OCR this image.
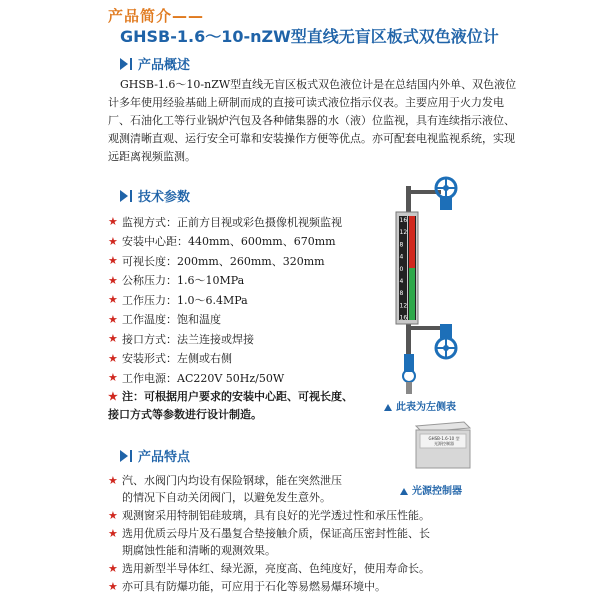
产品简介——
GHSB-1.6～10-nZW型直线无盲区板式双色液位计
产品概述
GHSB-1.6～10-nZW型直线无盲区板式双色液位计是在总结国内外单、双色液位
计多年使用经验基础上研制而成的直接可读式液位指示仪表。主要应用于火力发电
厂、石油化工等行业锅炉汽包及各种储集器的水（液）位监视，具有连续指示液位、
观测清晰直观、运行安全可靠和安装操作方便等优点。亦可配套电视监视系统，实现
远距离视频监测。
技术参数
★ 监视方式：正前方目视或彩色摄像机视频监视
★ 安装中心距：440mm、600mm、670mm
★ 可视长度：200mm、260mm、320mm
★ 公称压力：1.6～10MPa
★ 工作压力：1.0～6.4MPa
★ 工作温度：饱和温度
★ 接口方式：法兰连接或焊接
★ 安装形式：左侧或右侧
★ 工作电源：AC220V 50Hz/50W
★ 注：可根据用户要求的安装中心距、可视长度、
接口方式等参数进行设计制造。
16
12
8
4
0
4
8
12
16
此表为左侧表
GHSB-1.6-10 型
光源控制器
光源控制器
产品特点
★ 汽、水阀门内均设有保险钢球，能在突然泄压
的情况下自动关闭阀门，以避免发生意外。
★ 观测窗采用特制铝硅玻璃，具有良好的光学透过性和承压性能。
★ 选用优质云母片及石墨复合垫接触介质，保证高压密封性能、长
期腐蚀性能和清晰的观测效果。
★ 选用新型半导体红、绿光源，亮度高、色纯度好，使用寿命长。
★ 亦可具有防爆功能，可应用于石化等易燃易爆环境中。
